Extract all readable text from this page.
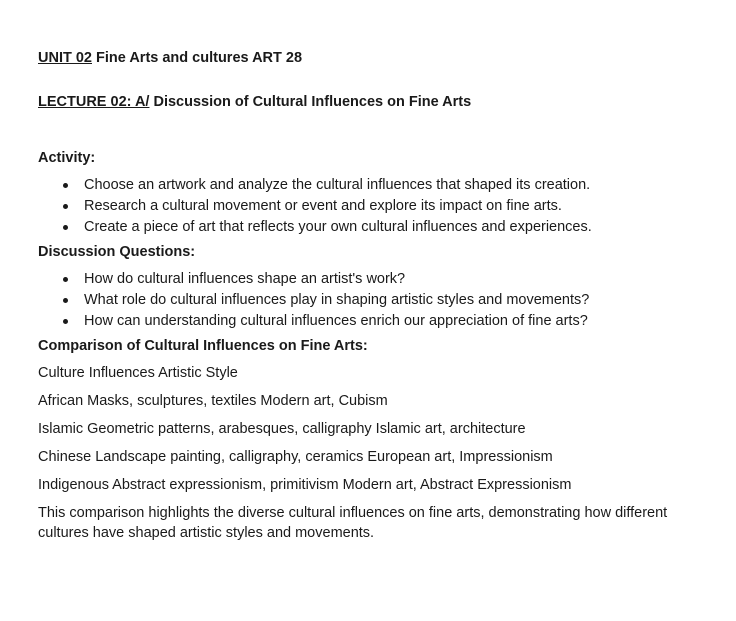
UNIT 02 Fine Arts and cultures ART 28

LECTURE 02: A/ Discussion of Cultural Influences on Fine Arts

Activity:

Choose an artwork and analyze the cultural influences that shaped its creation.
Research a cultural movement or event and explore its impact on fine arts.
Create a piece of art that reflects your own cultural influences and experiences.

Discussion Questions:

How do cultural influences shape an artist's work?
What role do cultural influences play in shaping artistic styles and movements?
How can understanding cultural influences enrich our appreciation of fine arts?

Comparison of Cultural Influences on Fine Arts:

Culture Influences Artistic Style

African Masks, sculptures, textiles Modern art, Cubism

Islamic Geometric patterns, arabesques, calligraphy Islamic art, architecture

Chinese Landscape painting, calligraphy, ceramics European art, Impressionism

Indigenous Abstract expressionism, primitivism Modern art, Abstract Expressionism

This comparison highlights the diverse cultural influences on fine arts, demonstrating how different cultures have shaped artistic styles and movements.
